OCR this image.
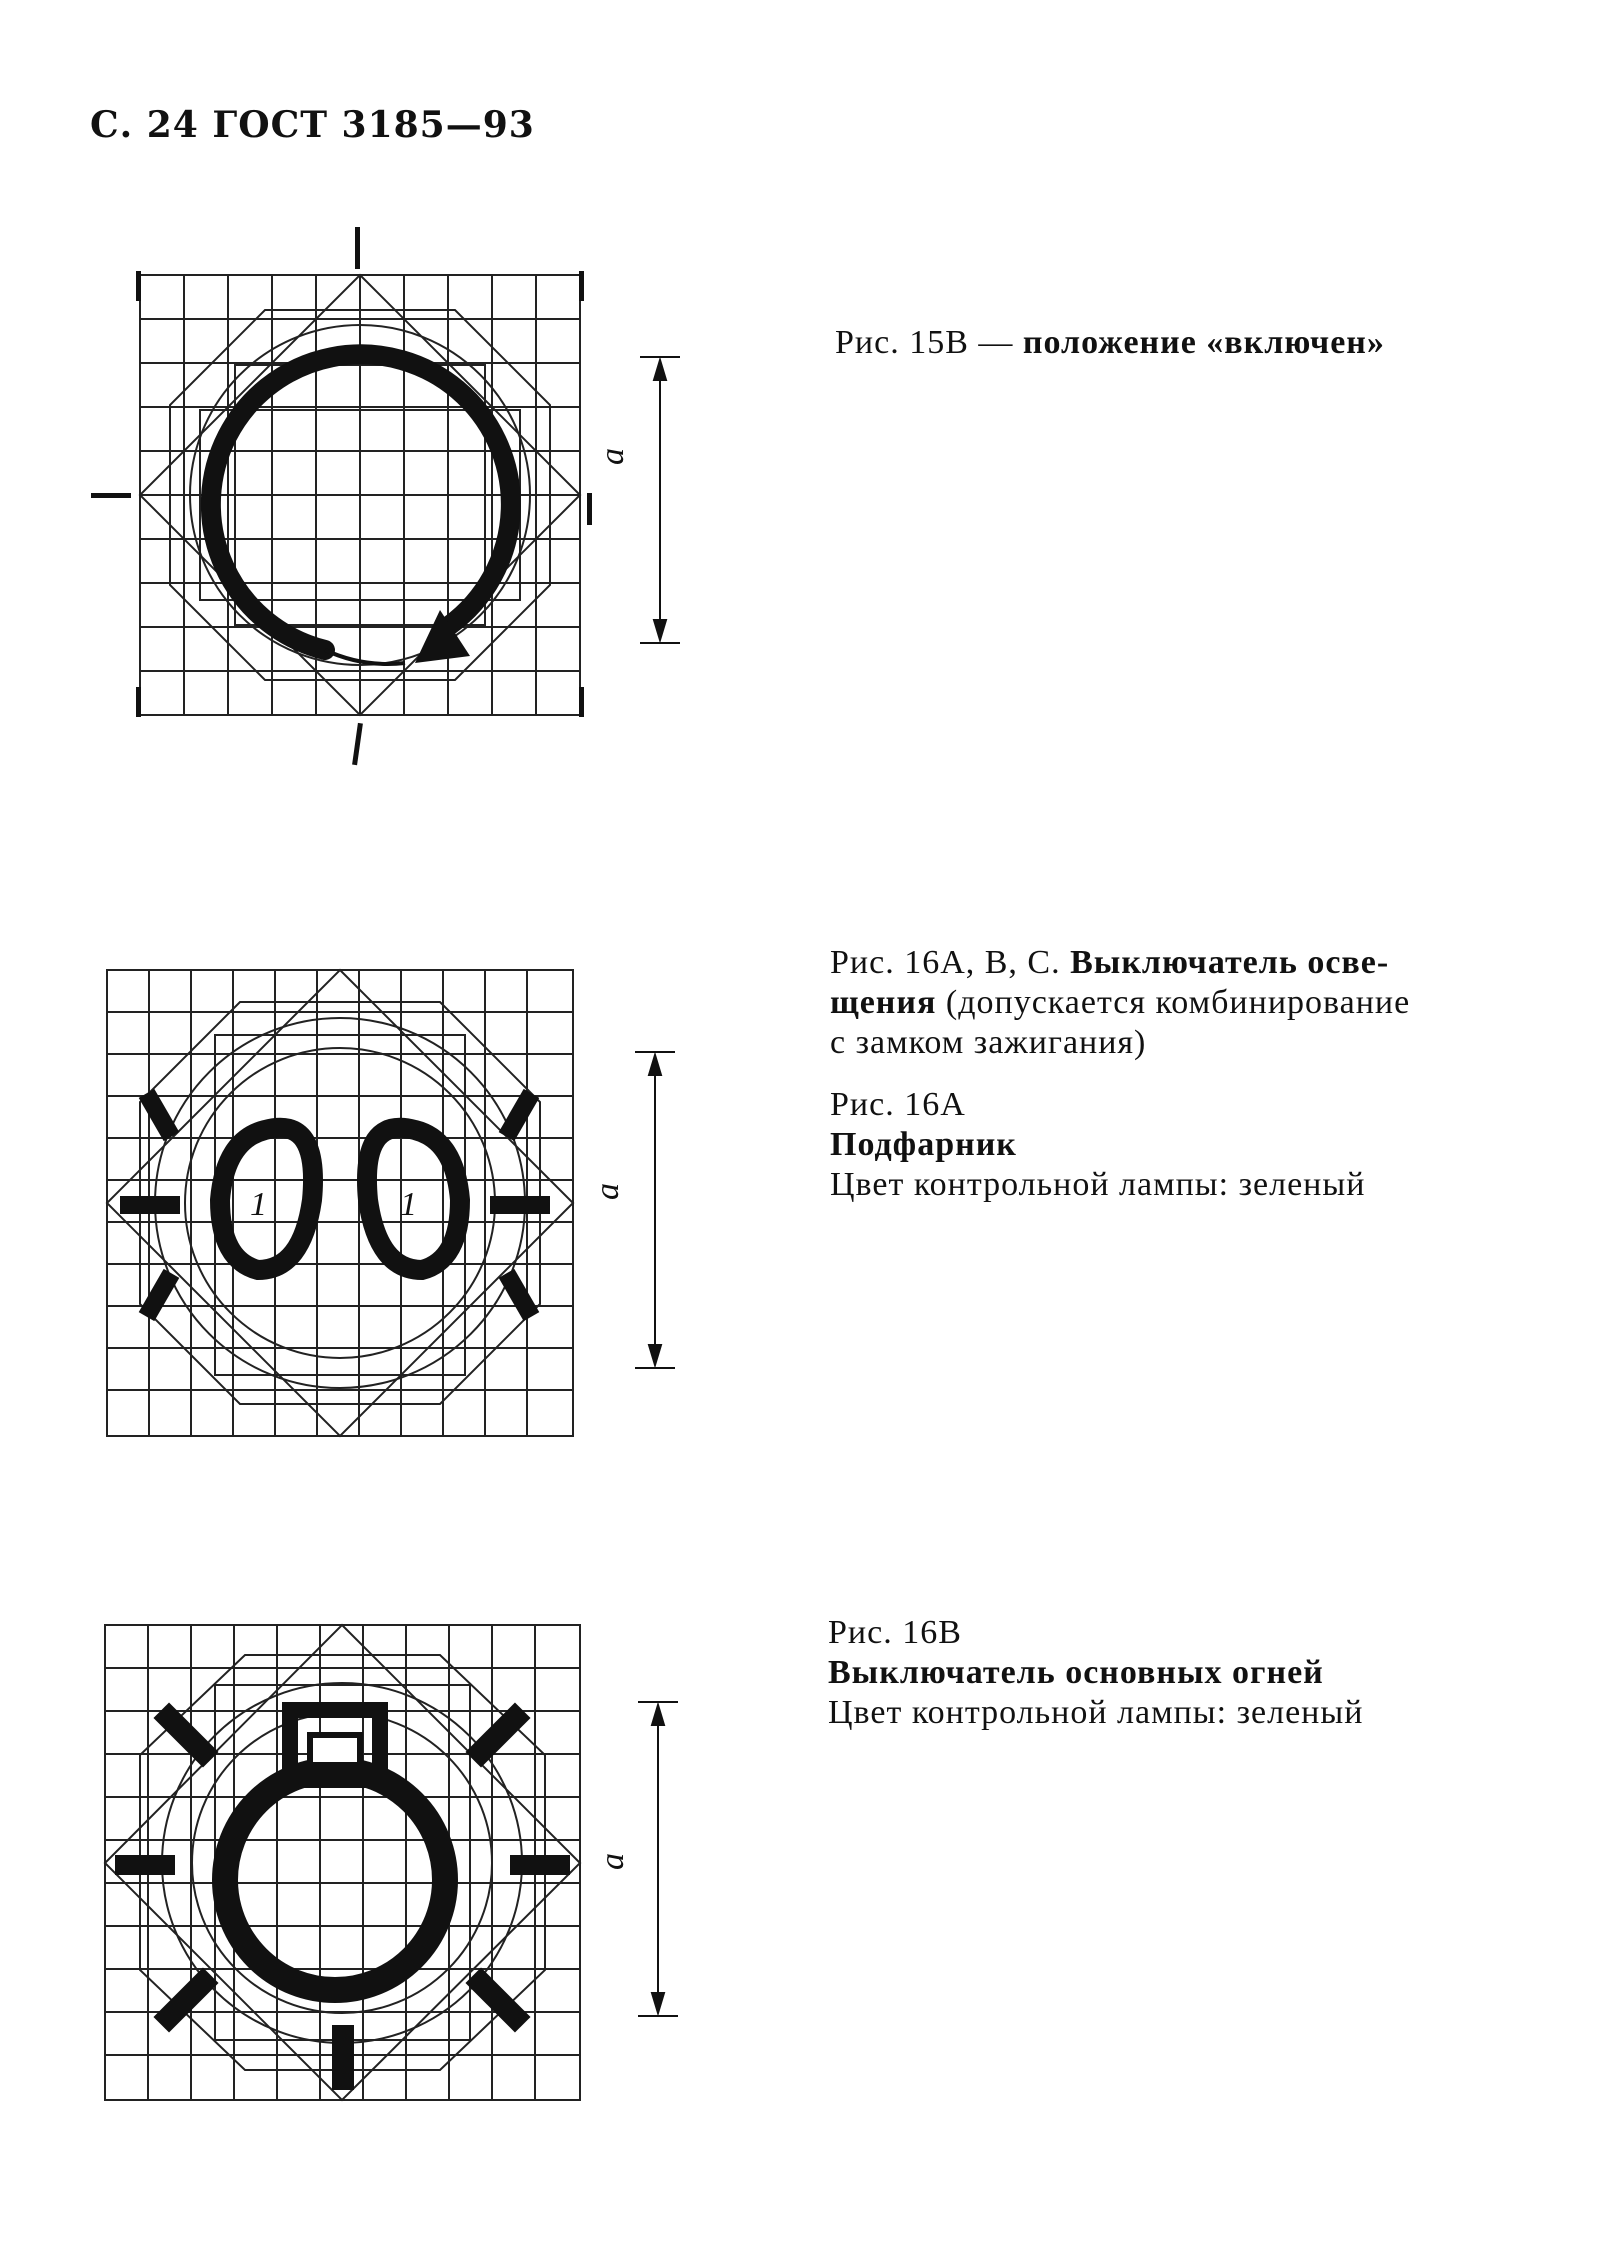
С. 24 ГОСТ 3185—93
a
Рис. 15B — положение «включен»
1	1	a
Рис. 16A, B, C. Выключатель осве-
щения (допускается комбинирование
с замком зажигания)
Рис. 16A
Подфарник
Цвет контрольной лампы: зеленый
a
Рис. 16B
Выключатель основных огней
Цвет контрольной лампы: зеленый
